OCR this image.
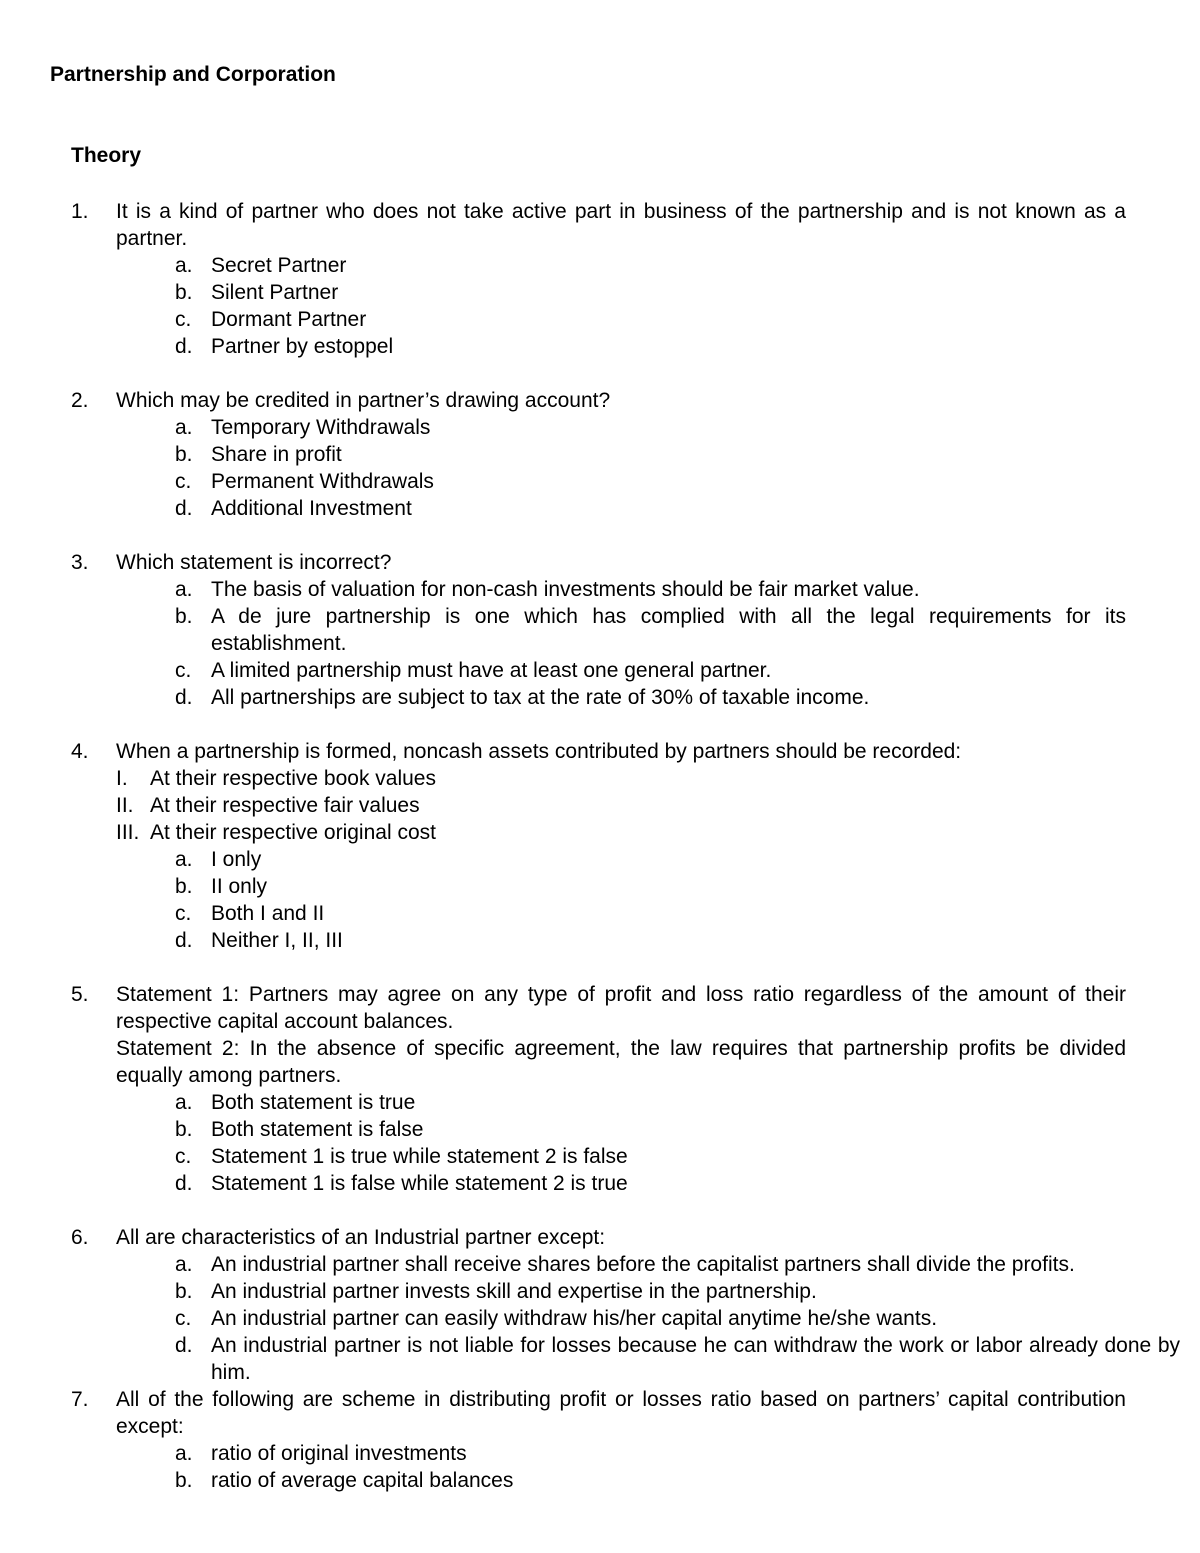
Partnership and Corporation
Theory
1. It is a kind of partner who does not take active part in business of the partnership and is not known as a partner.
a. Secret Partner
b. Silent Partner
c. Dormant Partner
d. Partner by estoppel
2. Which may be credited in partner’s drawing account?
a. Temporary Withdrawals
b. Share in profit
c. Permanent Withdrawals
d. Additional Investment
3. Which statement is incorrect?
a. The basis of valuation for non-cash investments should be fair market value.
b. A de jure partnership is one which has complied with all the legal requirements for its establishment.
c. A limited partnership must have at least one general partner.
d. All partnerships are subject to tax at the rate of 30% of taxable income.
4. When a partnership is formed, noncash assets contributed by partners should be recorded:
I. At their respective book values
II. At their respective fair values
III. At their respective original cost
a. I only
b. II only
c. Both I and II
d. Neither I, II, III
5. Statement 1: Partners may agree on any type of profit and loss ratio regardless of the amount of their respective capital account balances.

Statement 2: In the absence of specific agreement, the law requires that partnership profits be divided equally among partners.

a. Both statement is true
b. Both statement is false
c. Statement 1 is true while statement 2 is false
d. Statement 1 is false while statement 2 is true
6. All are characteristics of an Industrial partner except:
a. An industrial partner shall receive shares before the capitalist partners shall divide the profits.
b. An industrial partner invests skill and expertise in the partnership.
c. An industrial partner can easily withdraw his/her capital anytime he/she wants.
d. An industrial partner is not liable for losses because he can withdraw the work or labor already done by him.
7. All of the following are scheme in distributing profit or losses ratio based on partners’ capital contribution except:
a. ratio of original investments
b. ratio of average capital balances
